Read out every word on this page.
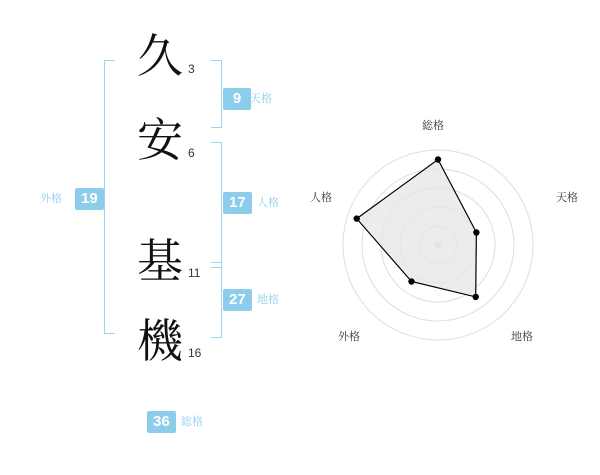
久 3
安 6
基 11
機 16
9 天格
17	人格
27	地格
19
外格
36	総格
総格
天格
地格
外格
人格
